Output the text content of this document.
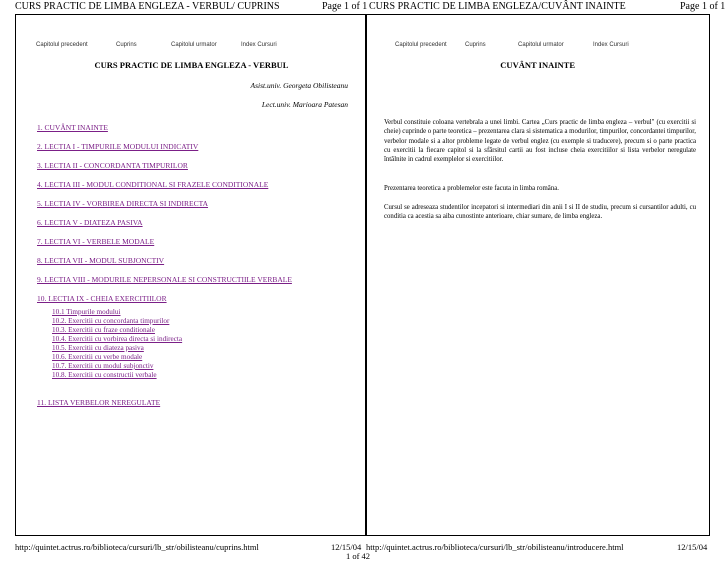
CURS PRACTIC DE LIMBA ENGLEZA - VERBUL/ CUPRINS	Page 1 of 1 CURS PRACTIC DE LIMBA ENGLEZA/CUVÂNT INAINTE	Page 1 of 1
Capitolul precedent	Cuprins	Capitolul urmator	Index Cursuri
CURS PRACTIC DE LIMBA ENGLEZA - VERBUL
Asist.univ. Georgeta Obilisteanu
Lect.univ. Marioara Patesan
1. CUVÂNT INAINTE
2. LECTIA I - TIMPURILE MODULUI INDICATIV
3. LECTIA II - CONCORDANTA TIMPURILOR
4. LECTIA III - MODUL CONDITIONAL SI FRAZELE CONDITIONALE
5. LECTIA IV - VORBIREA DIRECTA SI INDIRECTA
6. LECTIA V - DIATEZA PASIVA
7. LECTIA VI - VERBELE MODALE
8. LECTIA VII - MODUL SUBJONCTIV
9. LECTIA VIII - MODURILE NEPERSONALE SI CONSTRUCTIILE VERBALE
10. LECTIA IX - CHEIA EXERCITIILOR
10.1 Timpurile modului
10.2. Exercitii cu concordanta timpurilor
10.3. Exercitii cu fraze conditionale
10.4. Exercitii cu vorbirea directa si indirecta
10.5. Exercitii cu diateza pasiva
10.6. Exercitii cu verbe modale
10.7. Exercitii cu modul subjonctiv
10.8. Exercitii cu constructii verbale
11. LISTA VERBELOR NEREGULATE
Capitolul precedent	Cuprins	Capitolul urmator	Index Cursuri
CUVÂNT INAINTE

Verbul constituie coloana vertebrala a unei limbi. Cartea „Curs practic de limba engleza – verbul" (cu exercitii si cheie) cuprinde o parte teoretica – prezentarea clara si sistematica a modurilor, timpurilor, concordantei timpurilor, verbelor modale si a altor probleme legate de verbul englez (cu exemple si traducere), precum si o parte practica cu exercitii la fiecare capitol si la sfârsitul cartii au fost incluse cheia exercitiilor si lista verbelor neregulate întâlnite in cadrul exemplelor si exercitiilor.

Prezentarea teoretica a problemelor este facuta in limba româna.

Cursul se adreseaza studentilor incepatori si intermediari din anii I si II de studiu, precum si cursantilor adulti, cu conditia ca acestia sa aiba cunostinte anterioare, chiar sumare, de limba engleza.

http://quintet.actrus.ro/biblioteca/cursuri/lb_str/obilisteanu/cuprins.html	12/15/04 http://quintet.actrus.ro/biblioteca/cursuri/lb_str/obilisteanu/introducere.html	12/15/04
1 of 42
